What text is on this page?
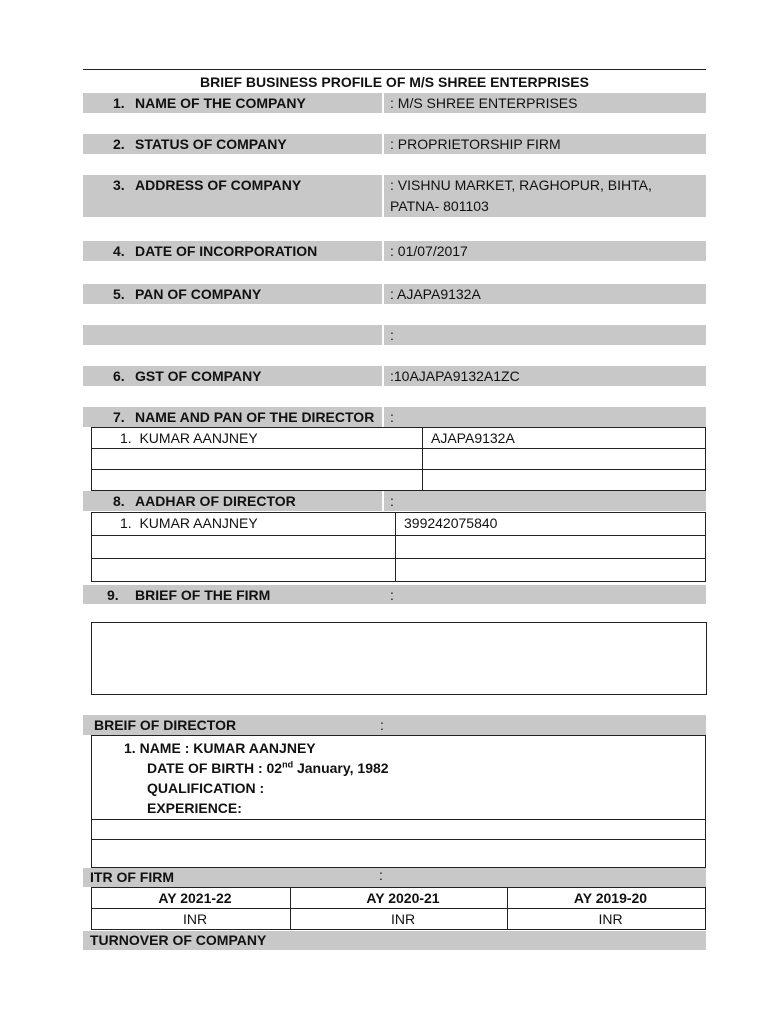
BRIEF BUSINESS PROFILE OF M/S SHREE ENTERPRISES
1. NAME OF THE COMPANY	: M/S SHREE ENTERPRISES
2. STATUS OF COMPANY	: PROPRIETORSHIP FIRM
3. ADDRESS OF COMPANY	: VISHNU MARKET, RAGHOPUR, BIHTA,
PATNA- 801103
4. DATE OF INCORPORATION	: 01/07/2017
5. PAN OF COMPANY	: AJAPA9132A
:
6. GST OF COMPANY	:10AJAPA9132A1ZC
7. NAME AND PAN OF THE DIRECTOR :
1. KUMAR AANJNEY	AJAPA9132A

8. AADHAR OF DIRECTOR	:
1. KUMAR AANJNEY	399242075840

9. BRIEF OF THE FIRM	:
BREIF OF DIRECTOR	:
1. NAME : KUMAR AANJNEY
DATE OF BIRTH : 02nd January, 1982
QUALIFICATION :
EXPERIENCE:
ITR OF FIRM	:
AY 2021-22	AY 2020-21	AY 2019-20
INR	INR	INR
TURNOVER OF COMPANY
